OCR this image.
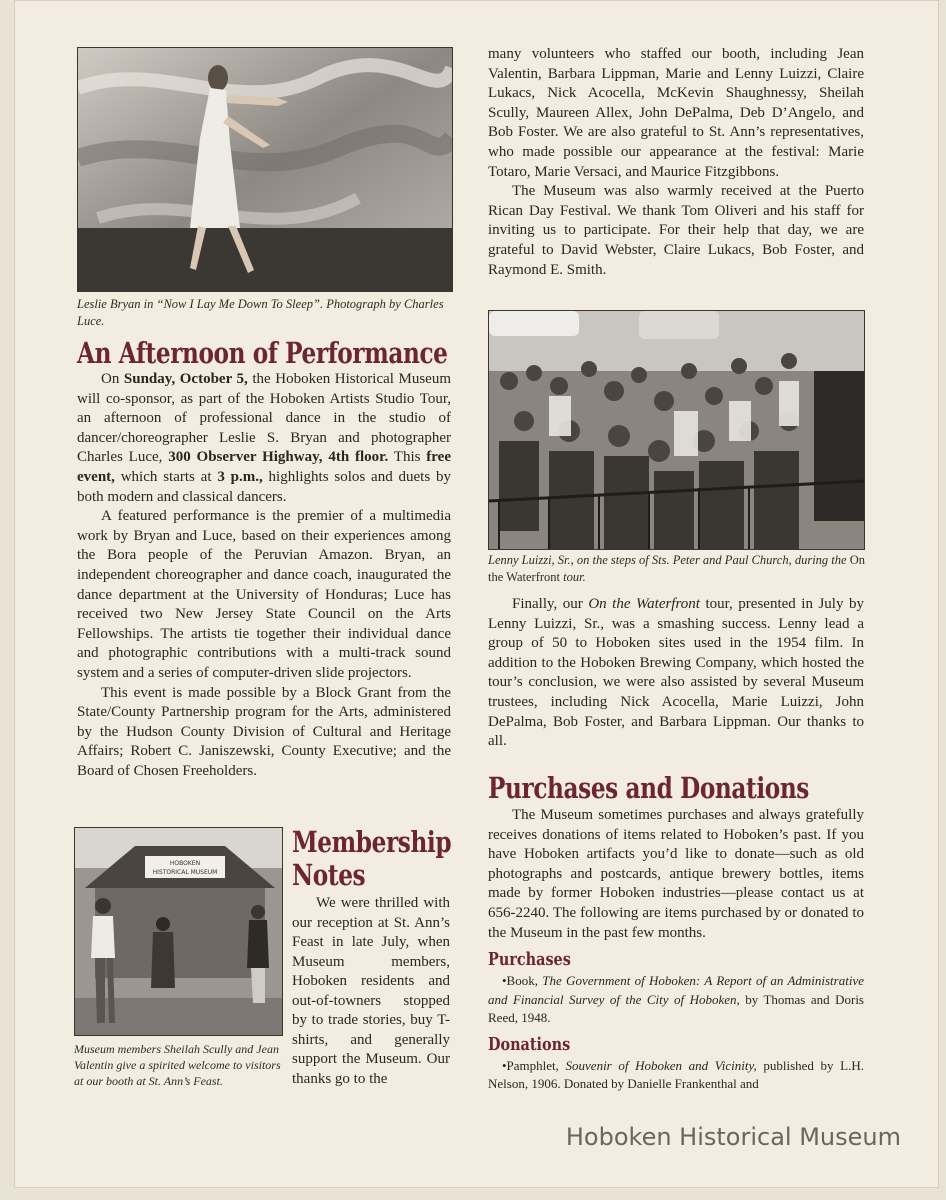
Leslie Bryan in “Now I Lay Me Down To Sleep”. Photograph by Charles Luce.
An Afternoon of Performance

On Sunday, October 5, the Hoboken Historical Museum will co-sponsor, as part of the Hoboken Artists Studio Tour, an afternoon of professional dance in the studio of dancer/choreographer Leslie S. Bryan and photographer Charles Luce, 300 Observer Highway, 4th floor. This free event, which starts at 3 p.m., highlights solos and duets by both modern and classical dancers.

A featured performance is the premier of a multimedia work by Bryan and Luce, based on their experiences among the Bora people of the Peruvian Amazon. Bryan, an independent choreographer and dance coach, inaugurated the dance department at the University of Honduras; Luce has received two New Jersey State Council on the Arts Fellowships. The artists tie together their individual dance and photographic contributions with a multi-track sound system and a series of computer-driven slide projectors.

This event is made possible by a Block Grant from the State/County Partnership program for the Arts, administered by the Hudson County Division of Cultural and Heritage Affairs; Robert C. Janiszewski, County Executive; and the Board of Chosen Freeholders.

HOBOKEN
HISTORICAL MUSEUM
Museum members Sheilah Scully and Jean Valentin give a spirited welcome to visitors at our booth at St. Ann’s Feast.
Membership
Notes

We were thrilled with our reception at St. Ann’s Feast in late July, when Museum members, Hoboken residents and out-of-towners stopped by to trade stories, buy T-shirts, and generally support the Museum. Our thanks go to the

many volunteers who staffed our booth, including Jean Valentin, Barbara Lippman, Marie and Lenny Luizzi, Claire Lukacs, Nick Acocella, McKevin Shaughnessy, Sheilah Scully, Maureen Allex, John DePalma, Deb D’Angelo, and Bob Foster. We are also grateful to St. Ann’s representatives, who made possible our appearance at the festival: Marie Totaro, Marie Versaci, and Maurice Fitzgibbons.

The Museum was also warmly received at the Puerto Rican Day Festival. We thank Tom Oliveri and his staff for inviting us to participate. For their help that day, we are grateful to David Webster, Claire Lukacs, Bob Foster, and Raymond E. Smith.

Lenny Luizzi, Sr., on the steps of Sts. Peter and Paul Church, during the On the Waterfront tour.

Finally, our On the Waterfront tour, presented in July by Lenny Luizzi, Sr., was a smashing success. Lenny lead a group of 50 to Hoboken sites used in the 1954 film. In addition to the Hoboken Brewing Company, which hosted the tour’s conclusion, we were also assisted by several Museum trustees, including Nick Acocella, Marie Luizzi, John DePalma, Bob Foster, and Barbara Lippman. Our thanks to all.

Purchases and Donations

The Museum sometimes purchases and always gratefully receives donations of items related to Hoboken’s past. If you have Hoboken artifacts you’d like to donate—such as old photographs and postcards, antique brewery bottles, items made by former Hoboken industries—please contact us at 656-2240. The following are items purchased by or donated to the Museum in the past few months.

Purchases

•Book, The Government of Hoboken: A Report of an Administrative and Financial Survey of the City of Hoboken, by Thomas and Doris Reed, 1948.

Donations

•Pamphlet, Souvenir of Hoboken and Vicinity, published by L.H. Nelson, 1906. Donated by Danielle Frankenthal and

Hoboken Historical Museum
